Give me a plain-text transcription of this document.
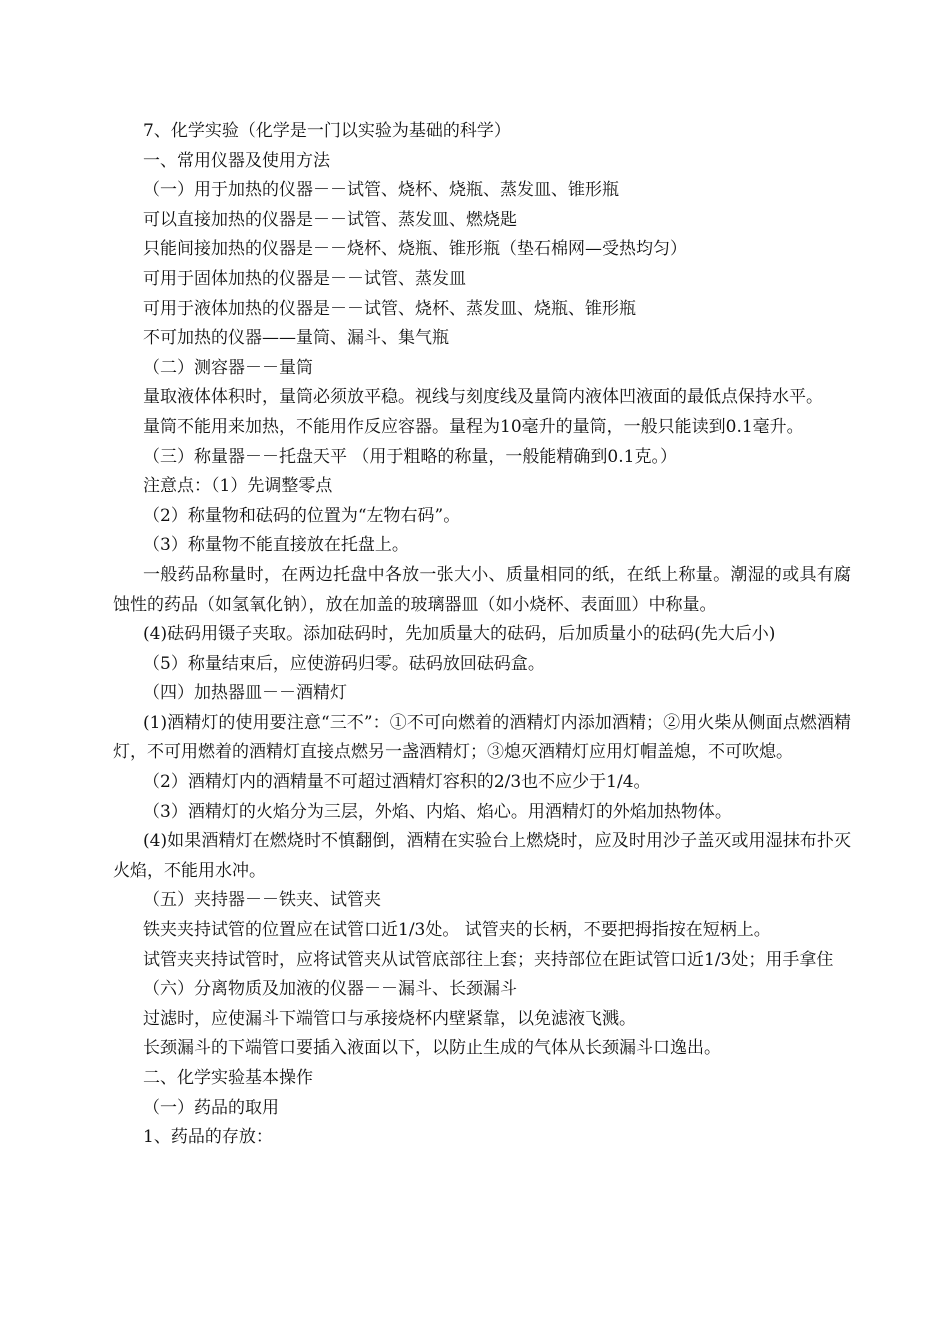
7、化学实验（化学是一门以实验为基础的科学）

一、常用仪器及使用方法

（一）用于加热的仪器－－试管、烧杯、烧瓶、蒸发皿、锥形瓶

可以直接加热的仪器是－－试管、蒸发皿、燃烧匙

只能间接加热的仪器是－－烧杯、烧瓶、锥形瓶（垫石棉网—受热均匀）

可用于固体加热的仪器是－－试管、蒸发皿

可用于液体加热的仪器是－－试管、烧杯、蒸发皿、烧瓶、锥形瓶

不可加热的仪器——量筒、漏斗、集气瓶

（二）测容器－－量筒

量取液体体积时，量筒必须放平稳。视线与刻度线及量筒内液体凹液面的最低点保持水平。

量筒不能用来加热，不能用作反应容器。量程为10毫升的量筒，一般只能读到0.1毫升。

（三）称量器－－托盘天平 （用于粗略的称量，一般能精确到0.1克。）

注意点：（1）先调整零点

（2）称量物和砝码的位置为“左物右码”。

（3）称量物不能直接放在托盘上。

一般药品称量时，在两边托盘中各放一张大小、质量相同的纸，在纸上称量。潮湿的或具有腐蚀性的药品（如氢氧化钠），放在加盖的玻璃器皿（如小烧杯、表面皿）中称量。

(4)砝码用镊子夹取。添加砝码时，先加质量大的砝码，后加质量小的砝码(先大后小)

（5）称量结束后，应使游码归零。砝码放回砝码盒。

（四）加热器皿－－酒精灯

(1)酒精灯的使用要注意“三不”：①不可向燃着的酒精灯内添加酒精；②用火柴从侧面点燃酒精灯，不可用燃着的酒精灯直接点燃另一盏酒精灯；③熄灭酒精灯应用灯帽盖熄，不可吹熄。

（2）酒精灯内的酒精量不可超过酒精灯容积的2/3也不应少于1/4。

（3）酒精灯的火焰分为三层，外焰、内焰、焰心。用酒精灯的外焰加热物体。

(4)如果酒精灯在燃烧时不慎翻倒，酒精在实验台上燃烧时，应及时用沙子盖灭或用湿抹布扑灭火焰，不能用水冲。

（五）夹持器－－铁夹、试管夹

铁夹夹持试管的位置应在试管口近1/3处。 试管夹的长柄，不要把拇指按在短柄上。

试管夹夹持试管时，应将试管夹从试管底部往上套；夹持部位在距试管口近1/3处；用手拿住

（六）分离物质及加液的仪器－－漏斗、长颈漏斗

过滤时，应使漏斗下端管口与承接烧杯内壁紧靠，以免滤液飞溅。

长颈漏斗的下端管口要插入液面以下，以防止生成的气体从长颈漏斗口逸出。

二、化学实验基本操作

（一）药品的取用

1、药品的存放：
